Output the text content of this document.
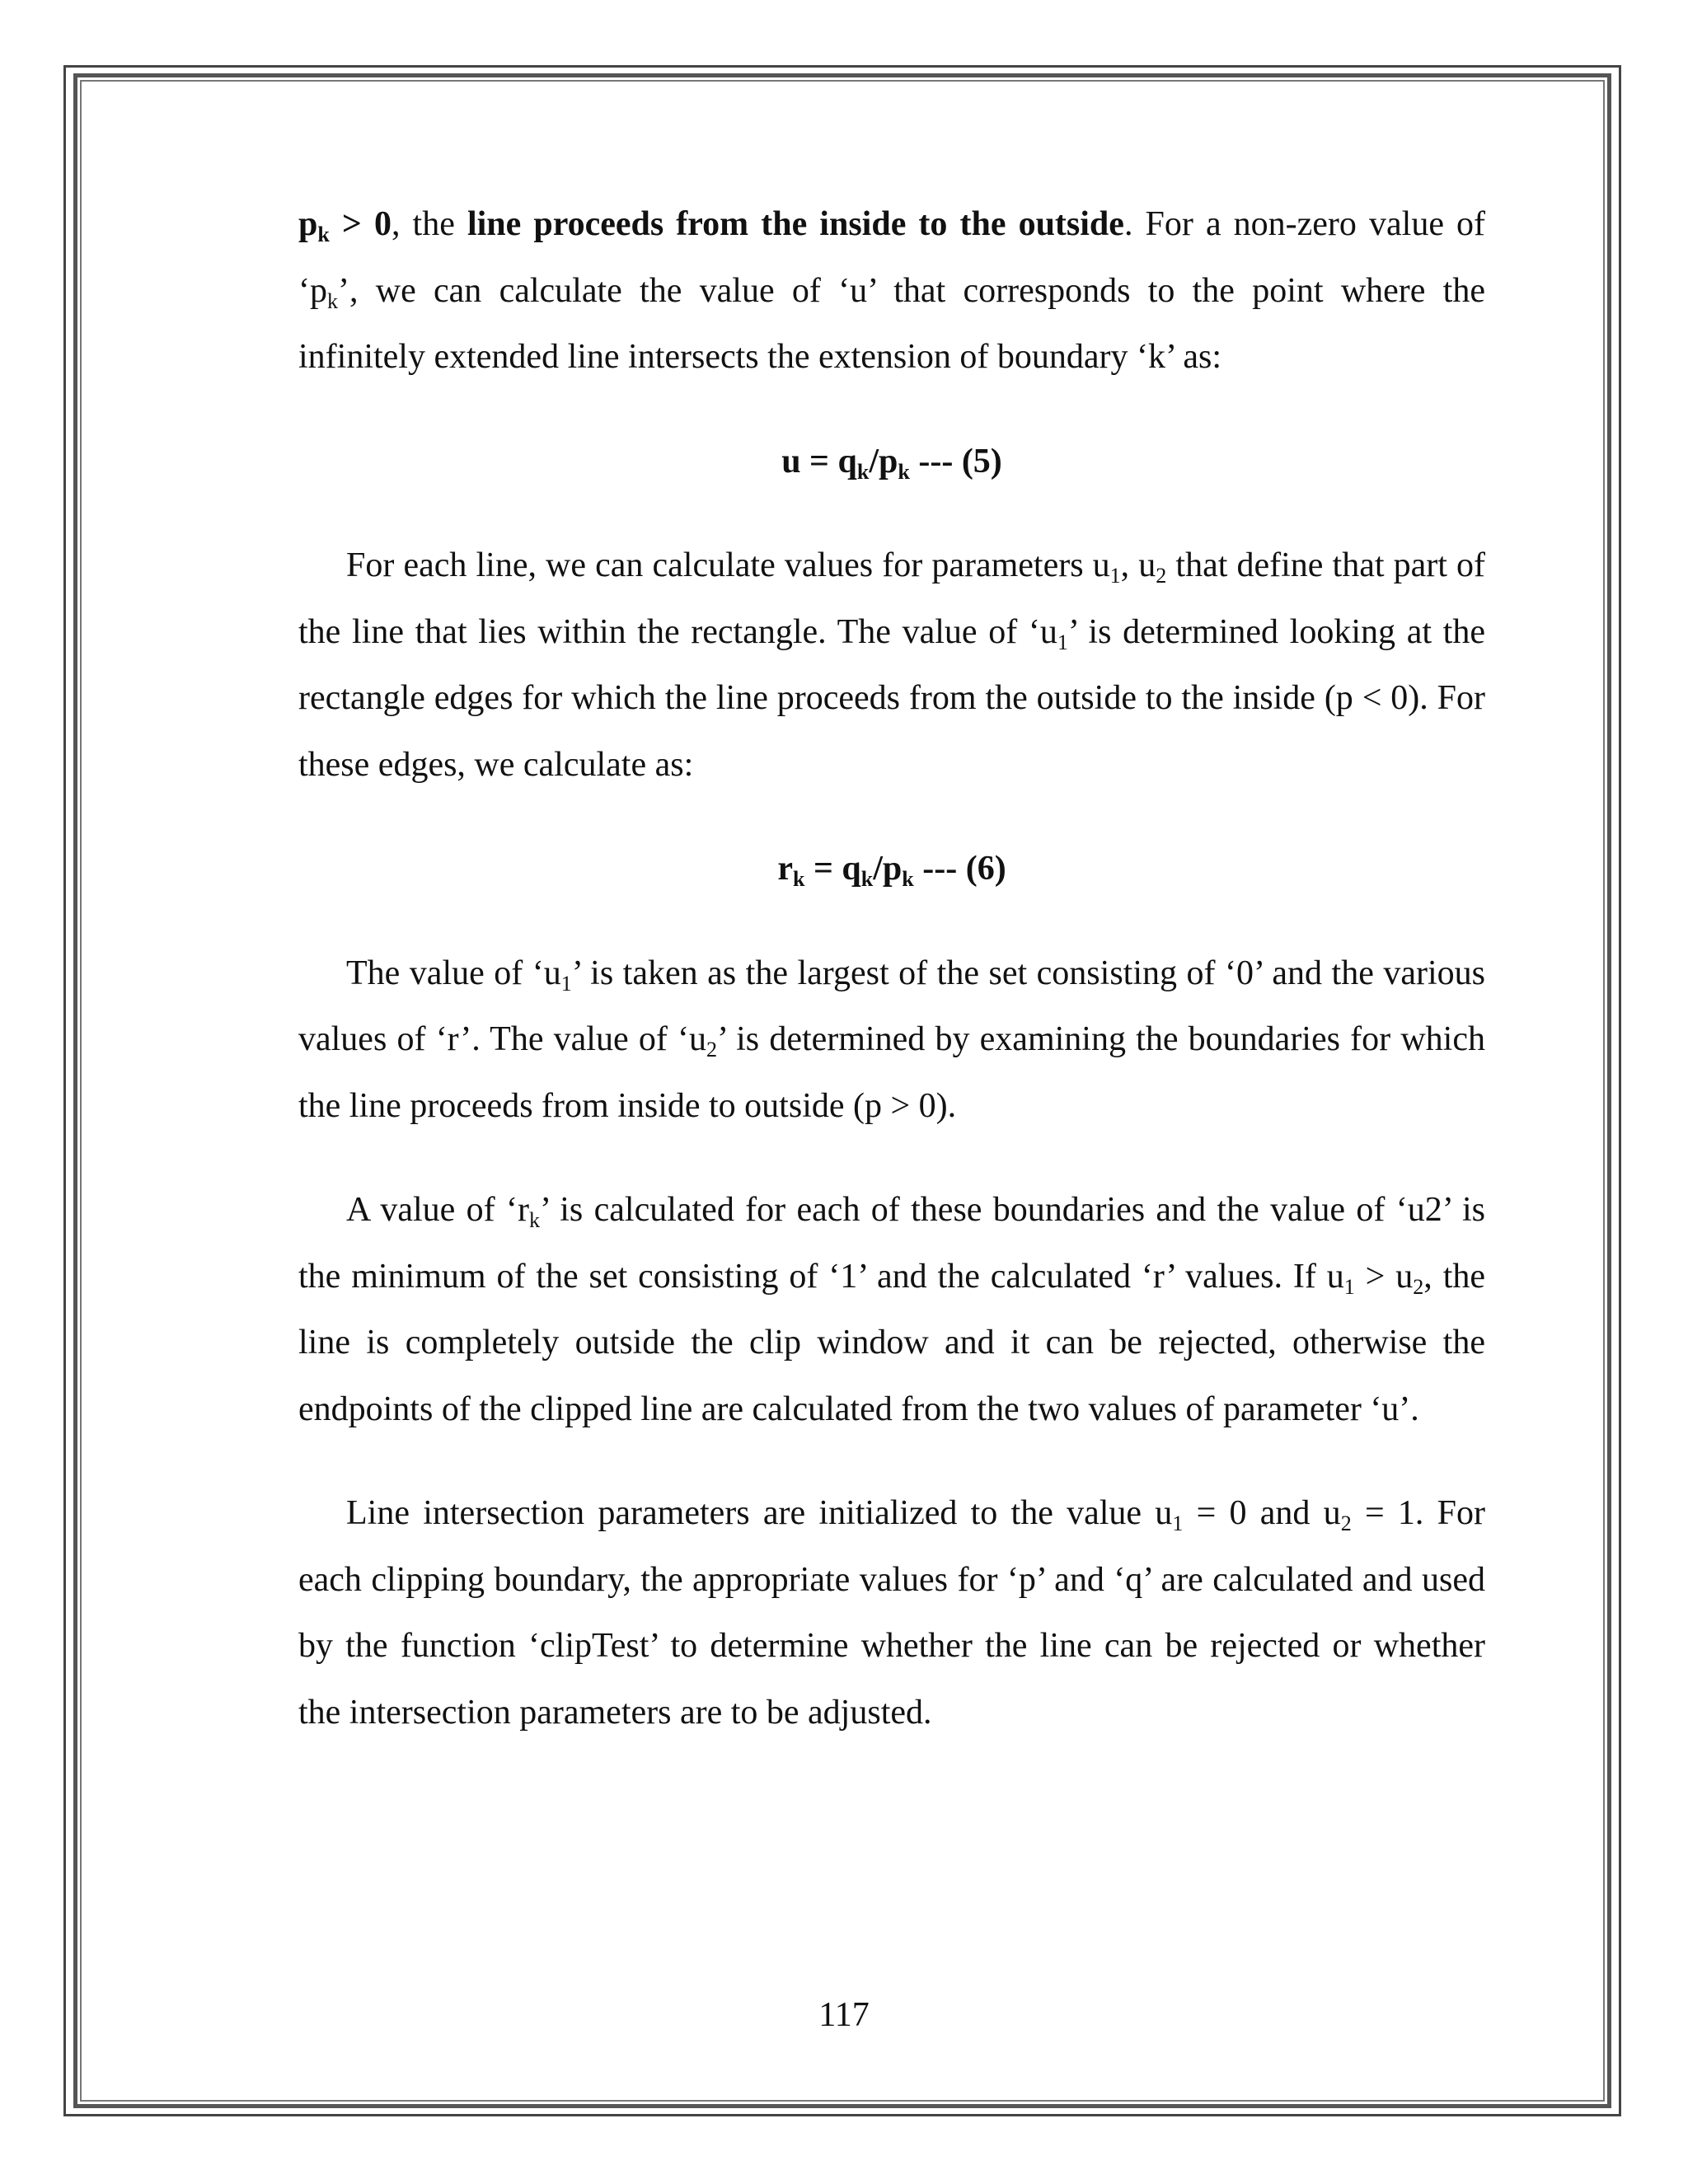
$p_k > 0$, the line proceeds from the inside to the outside. For a non-zero value of ‘$p_k$’, we can calculate the value of ‘u’ that corresponds to the point where the infinitely extended line intersects the extension of boundary ‘k’ as:

$u = q_k/p_k$ --- (5)

For each line, we can calculate values for parameters $u_1$, $u_2$ that define that part of the line that lies within the rectangle. The value of ‘$u_1$’ is determined looking at the rectangle edges for which the line proceeds from the outside to the inside (p < 0). For these edges, we calculate as:

$r_k = q_k/p_k$ --- (6)

The value of ‘$u_1$’ is taken as the largest of the set consisting of ‘0’ and the various values of ‘r’. The value of ‘$u_2$’ is determined by examining the boundaries for which the line proceeds from inside to outside (p > 0).

A value of ‘$r_k$’ is calculated for each of these boundaries and the value of ‘u2’ is the minimum of the set consisting of ‘1’ and the calculated ‘r’ values. If $u_1 > u_2$, the line is completely outside the clip window and it can be rejected, otherwise the endpoints of the clipped line are calculated from the two values of parameter ‘u’.

Line intersection parameters are initialized to the value $u_1 = 0$ and $u_2 = 1$. For each clipping boundary, the appropriate values for ‘p’ and ‘q’ are calculated and used by the function ‘clipTest’ to determine whether the line can be rejected or whether the intersection parameters are to be adjusted.

117
